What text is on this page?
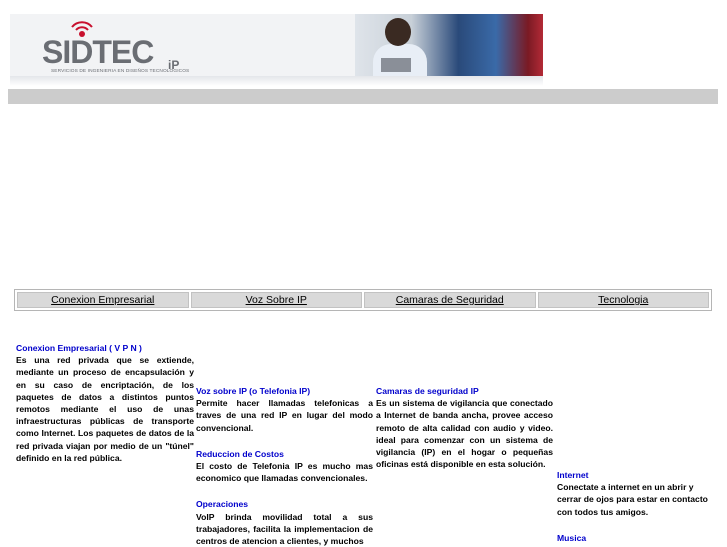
SIDTEC iP
SERVICIOS DE INGENIERIA EN DISEÑOS TECNOLOGICOS
Conexion Empresarial	Voz Sobre IP	Camaras de Seguridad	Tecnologia
Conexion Empresarial ( V P N )
Es una red privada que se extiende, mediante un proceso de encapsulación y en su caso de encriptación, de los paquetes de datos a distintos puntos remotos mediante el uso de unas infraestructuras públicas de transporte como Internet. Los paquetes de datos de la red privada viajan por medio de un "túnel" definido en la red pública.
Voz sobre IP (o Telefonia IP)
Permite hacer llamadas telefonicas a traves de una red IP en lugar del modo convencional.
Reduccion de Costos
El costo de Telefonia IP es mucho mas economico que llamadas convencionales.
Operaciones
VoIP brinda movilidad total a sus trabajadores, facilita la implementacion de centros de atencion a clientes, y muchos
Camaras de seguridad IP
Es un sistema de vigilancia que conectado a Internet de banda ancha, provee acceso remoto de alta calidad con audio y video. ideal para comenzar con un sistema de vigilancia (IP) en el hogar o pequeñas oficinas está disponible en esta solución.
Internet
Conectate a internet en un abrir y cerrar de ojos para estar en contacto con todos tus amigos.
Musica
